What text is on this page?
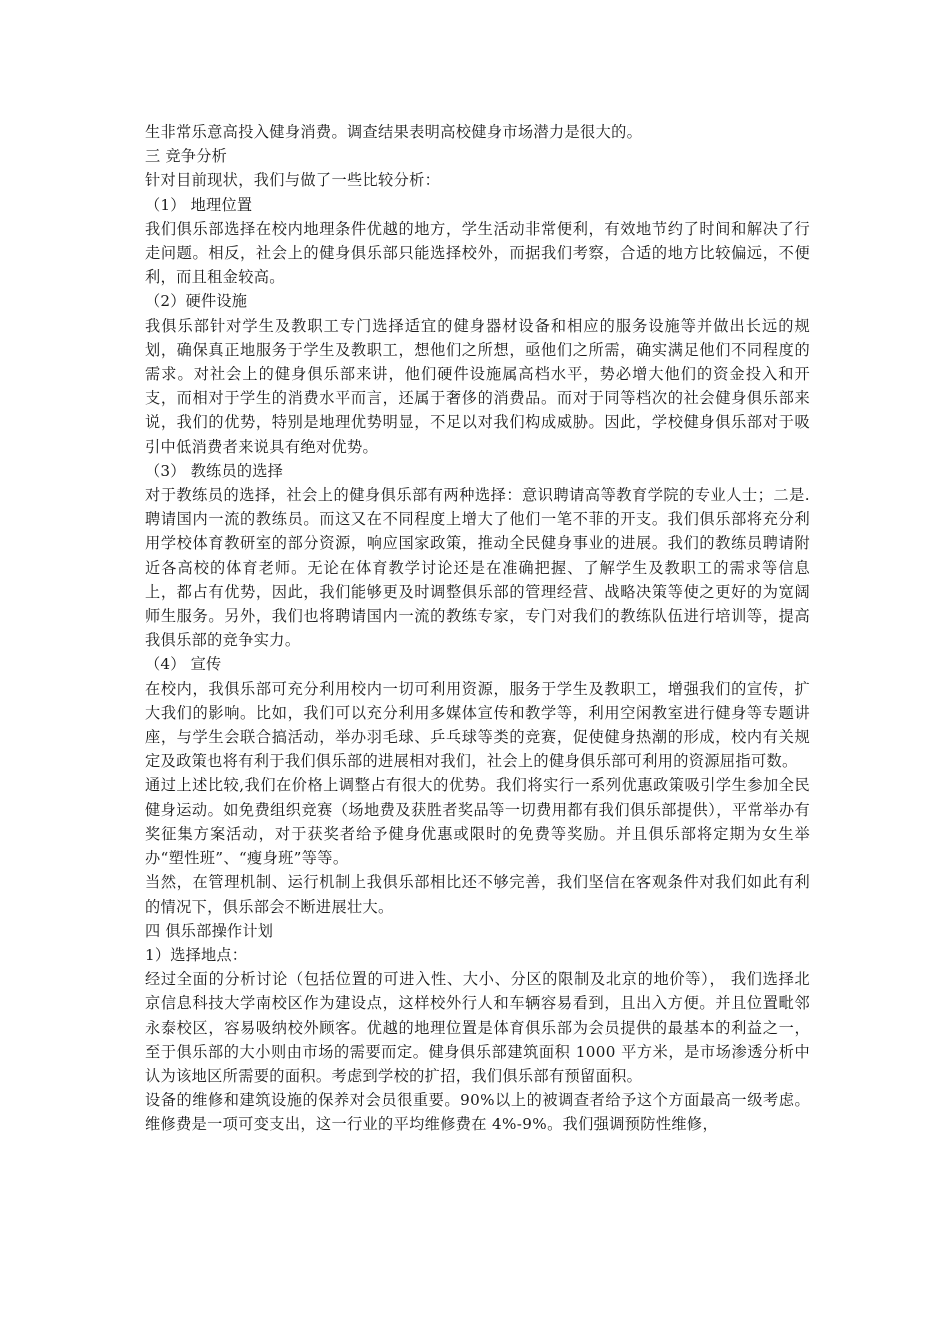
生非常乐意高投入健身消费。调查结果表明高校健身市场潜力是很大的。

三 竞争分析

针对目前现状，我们与做了一些比较分析：

（1） 地理位置

我们俱乐部选择在校内地理条件优越的地方，学生活动非常便利，有效地节约了时间和解决了行走问题。相反，社会上的健身俱乐部只能选择校外，而据我们考察，合适的地方比较偏远，不便利，而且租金较高。

（2）硬件设施

我俱乐部针对学生及教职工专门选择适宜的健身器材设备和相应的服务设施等并做出长远的规划，确保真正地服务于学生及教职工，想他们之所想，亟他们之所需，确实满足他们不同程度的需求。对社会上的健身俱乐部来讲，他们硬件设施属高档水平，势必增大他们的资金投入和开支，而相对于学生的消费水平而言，还属于奢侈的消费品。而对于同等档次的社会健身俱乐部来说，我们的优势，特别是地理优势明显，不足以对我们构成威胁。因此，学校健身俱乐部对于吸引中低消费者来说具有绝对优势。

（3） 教练员的选择

对于教练员的选择，社会上的健身俱乐部有两种选择：意识聘请高等教育学院的专业人士；二是.聘请国内一流的教练员。而这又在不同程度上增大了他们一笔不菲的开支。我们俱乐部将充分利用学校体育教研室的部分资源，响应国家政策，推动全民健身事业的进展。我们的教练员聘请附近各高校的体育老师。无论在体育教学讨论还是在准确把握、了解学生及教职工的需求等信息上，都占有优势，因此，我们能够更及时调整俱乐部的管理经营、战略决策等使之更好的为宽阔师生服务。另外，我们也将聘请国内一流的教练专家，专门对我们的教练队伍进行培训等，提高我俱乐部的竞争实力。

（4） 宣传

在校内，我俱乐部可充分利用校内一切可利用资源，服务于学生及教职工，增强我们的宣传，扩大我们的影响。比如，我们可以充分利用多媒体宣传和教学等，利用空闲教室进行健身等专题讲座，与学生会联合搞活动，举办羽毛球、乒乓球等类的竞赛，促使健身热潮的形成，校内有关规定及政策也将有利于我们俱乐部的进展相对我们，社会上的健身俱乐部可利用的资源屈指可数。

通过上述比较,我们在价格上调整占有很大的优势。我们将实行一系列优惠政策吸引学生参加全民健身运动。如免费组织竞赛（场地费及获胜者奖品等一切费用都有我们俱乐部提供），平常举办有奖征集方案活动，对于获奖者给予健身优惠或限时的免费等奖励。并且俱乐部将定期为女生举办“塑性班”、“瘦身班”等等。

当然，在管理机制、运行机制上我俱乐部相比还不够完善，我们坚信在客观条件对我们如此有利的情况下，俱乐部会不断进展壮大。

四 俱乐部操作计划

1）选择地点：

经过全面的分析讨论（包括位置的可进入性、大小、分区的限制及北京的地价等）， 我们选择北京信息科技大学南校区作为建设点，这样校外行人和车辆容易看到，且出入方便。并且位置毗邻永泰校区，容易吸纳校外顾客。优越的地理位置是体育俱乐部为会员提供的最基本的利益之一，至于俱乐部的大小则由市场的需要而定。健身俱乐部建筑面积 1000 平方米，是市场渗透分析中认为该地区所需要的面积。考虑到学校的扩招，我们俱乐部有预留面积。

设备的维修和建筑设施的保养对会员很重要。90%以上的被调查者给予这个方面最高一级考虑。维修费是一项可变支出，这一行业的平均维修费在 4%-9%。我们强调预防性维修，
